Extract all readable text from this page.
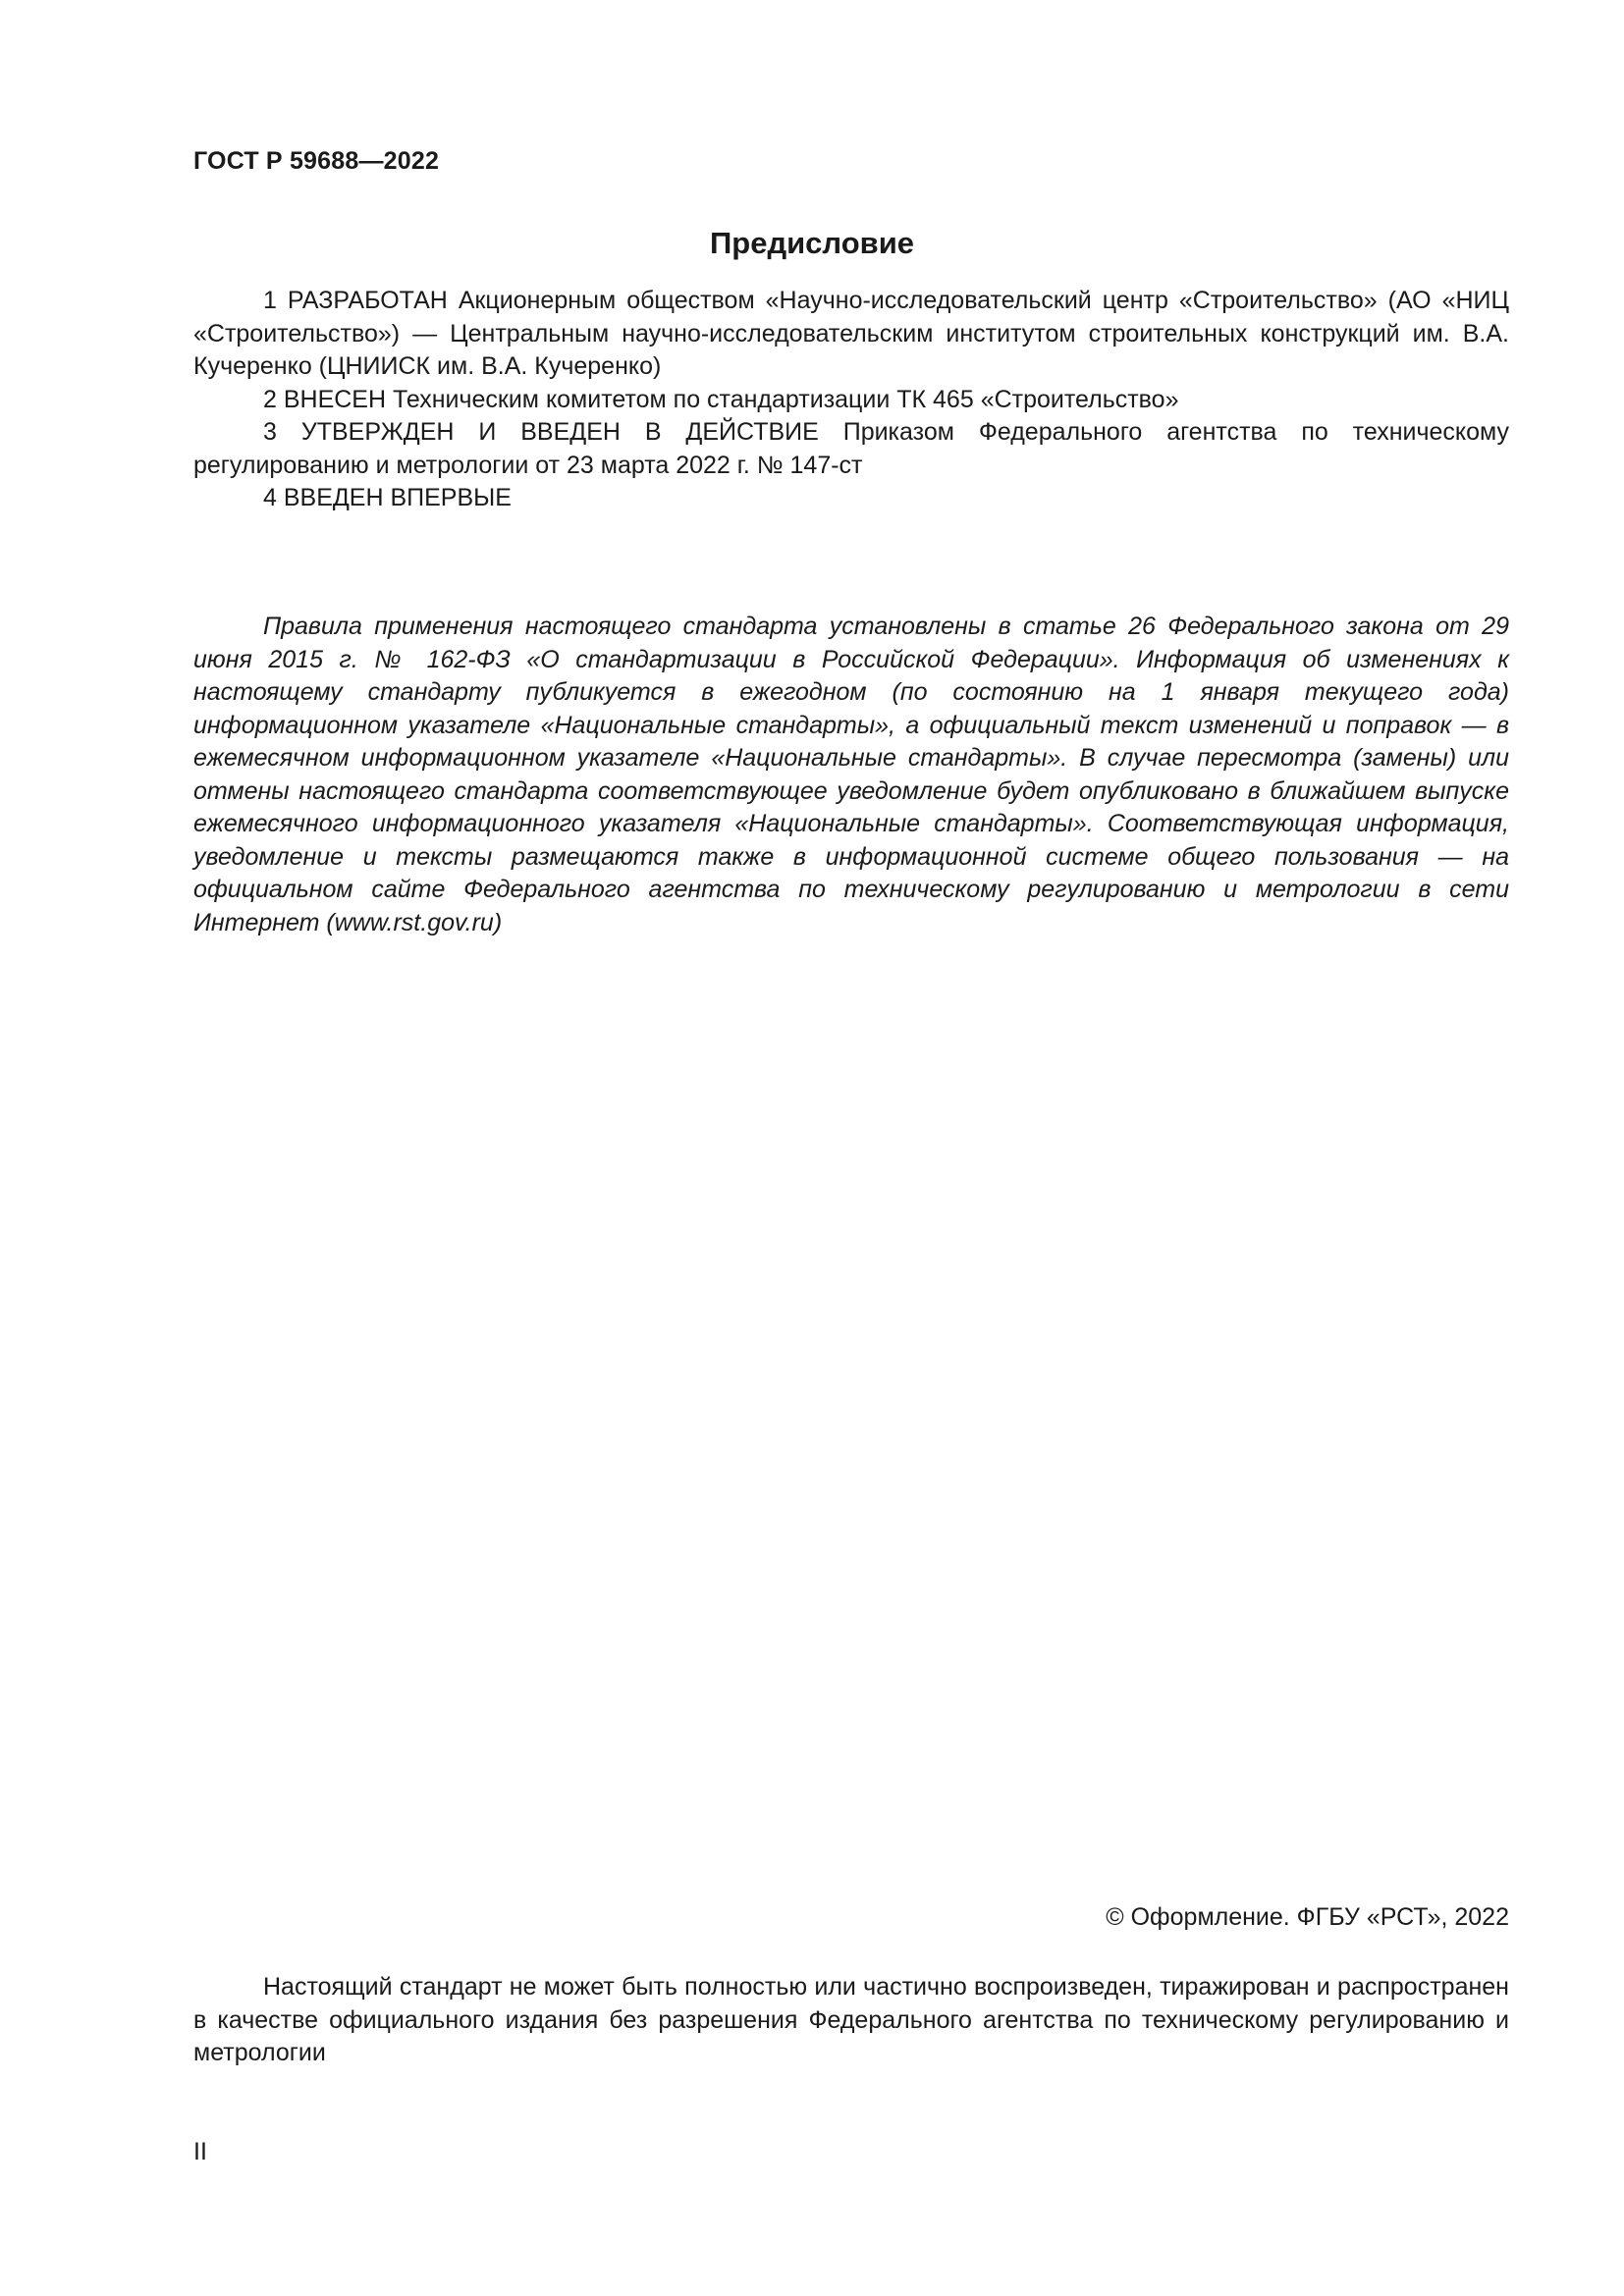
ГОСТ Р 59688—2022
Предисловие

1 РАЗРАБОТАН Акционерным обществом «Научно-исследовательский центр «Строительство» (АО «НИЦ «Строительство») — Центральным научно-исследовательским институтом строительных конструкций им. В.А. Кучеренко (ЦНИИСК им. В.А. Кучеренко)

2 ВНЕСЕН Техническим комитетом по стандартизации ТК 465 «Строительство»

3 УТВЕРЖДЕН И ВВЕДЕН В ДЕЙСТВИЕ Приказом Федерального агентства по техническому регулированию и метрологии от 23 марта 2022 г. № 147-ст

4 ВВЕДЕН ВПЕРВЫЕ

Правила применения настоящего стандарта установлены в статье 26 Федерального закона от 29 июня 2015 г. № 162-ФЗ «О стандартизации в Российской Федерации». Информация об изменениях к настоящему стандарту публикуется в ежегодном (по состоянию на 1 января текущего года) информационном указателе «Национальные стандарты», а официальный текст изменений и поправок — в ежемесячном информационном указателе «Национальные стандарты». В случае пересмотра (замены) или отмены настоящего стандарта соответствующее уведомление будет опубликовано в ближайшем выпуске ежемесячного информационного указателя «Национальные стандарты». Соответствующая информация, уведомление и тексты размещаются также в информационной системе общего пользования — на официальном сайте Федерального агентства по техническому регулированию и метрологии в сети Интернет (www.rst.gov.ru)

© Оформление. ФГБУ «РСТ», 2022

Настоящий стандарт не может быть полностью или частично воспроизведен, тиражирован и распространен в качестве официального издания без разрешения Федерального агентства по техническому регулированию и метрологии

II
